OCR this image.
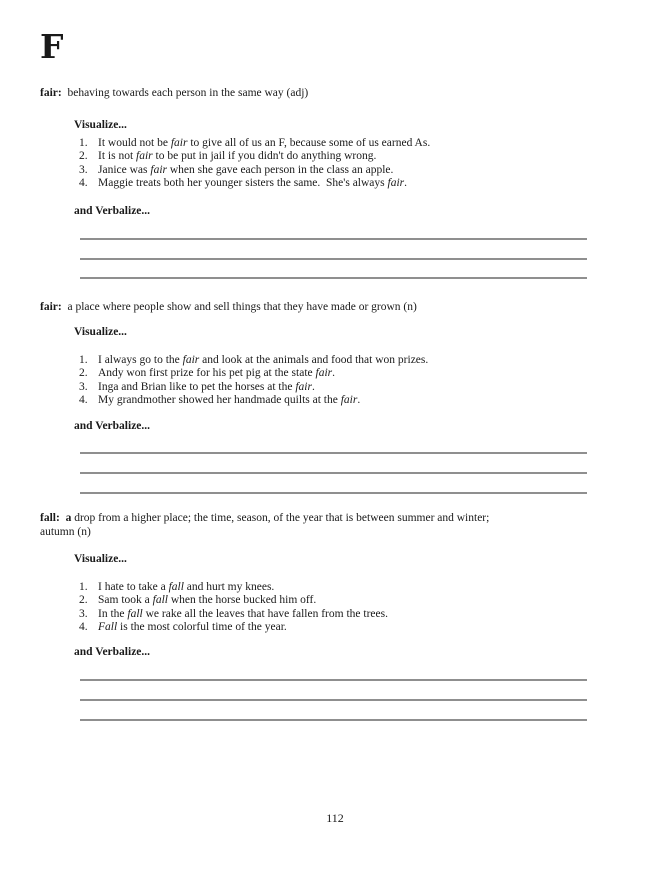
F
fair:  behaving towards each person in the same way (adj)
Visualize...
1. It would not be fair to give all of us an F, because some of us earned As.
2. It is not fair to be put in jail if you didn't do anything wrong.
3. Janice was fair when she gave each person in the class an apple.
4. Maggie treats both her younger sisters the same.  She's always fair.
and Verbalize...
fair:  a place where people show and sell things that they have made or grown (n)
Visualize...
1. I always go to the fair and look at the animals and food that won prizes.
2. Andy won first prize for his pet pig at the state fair.
3. Inga and Brian like to pet the horses at the fair.
4. My grandmother showed her handmade quilts at the fair.
and Verbalize...
fall: a drop from a higher place; the time, season, of the year that is between summer and winter;
autumn (n)
Visualize...
1. I hate to take a fall and hurt my knees.
2. Sam took a fall when the horse bucked him off.
3. In the fall we rake all the leaves that have fallen from the trees.
4. Fall is the most colorful time of the year.
and Verbalize...
112
